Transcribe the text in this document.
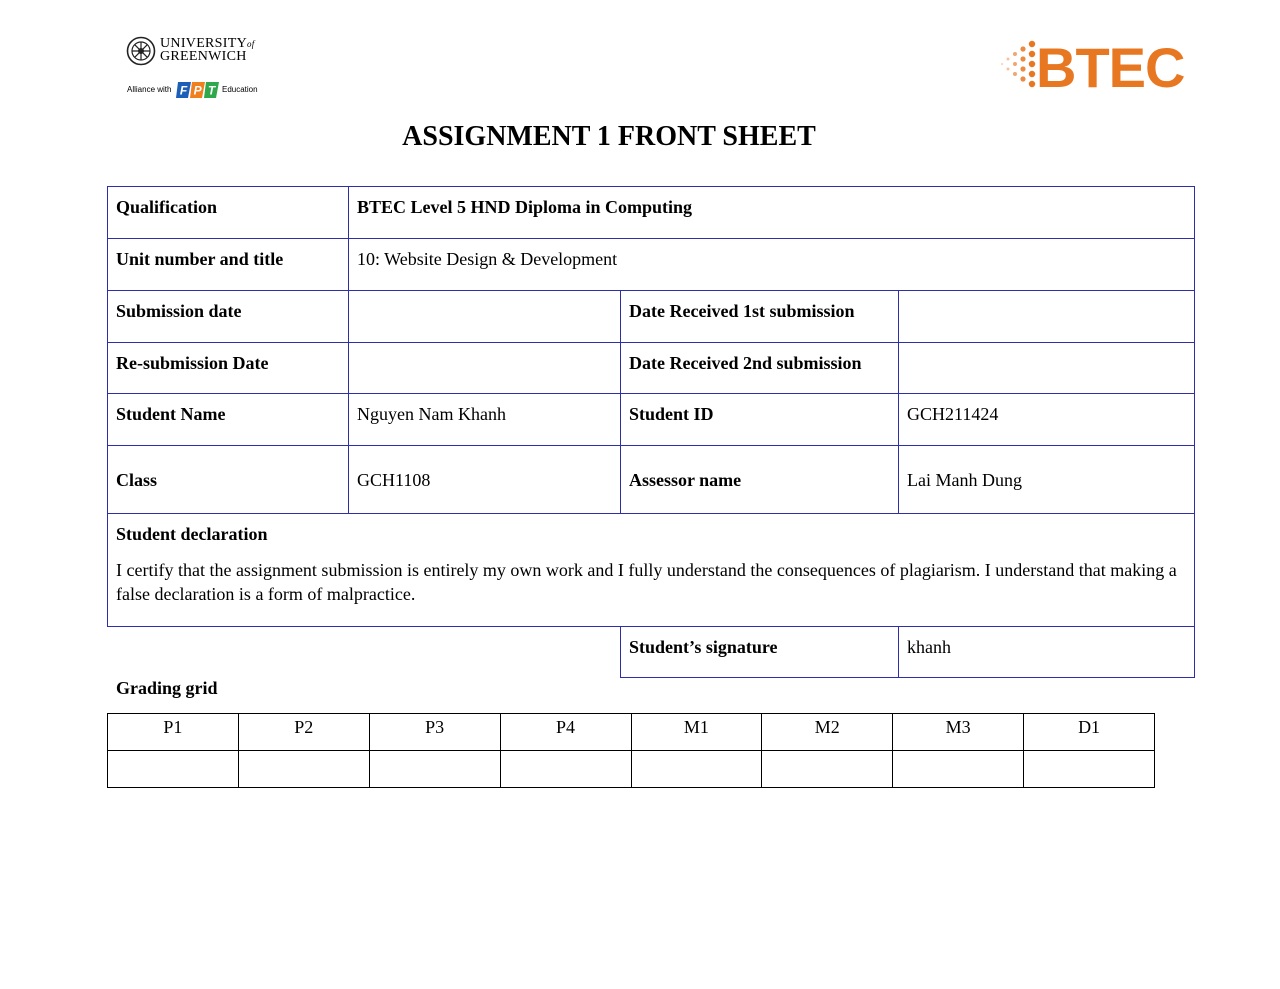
UNIVERSITYof
GREENWICH
Alliance with F P T Education	BTEC
ASSIGNMENT 1 FRONT SHEET
Qualification	BTEC Level 5 HND Diploma in Computing		
Unit number and title	10: Website Design & Development		
Submission date		Date Received 1st submission	
Re-submission Date		Date Received 2nd submission	
Student Name	Nguyen Nam Khanh	Student ID	GCH211424
Class	GCH1108	Assessor name	Lai Manh Dung

Student declaration

I certify that the assignment submission is entirely my own work and I fully understand the consequences of plagiarism. I understand that making a false declaration is a form of malpractice.			

		Student’s signature	khanh
Grading grid
P1	P2	P3	P4	M1	M2	M3	D1
